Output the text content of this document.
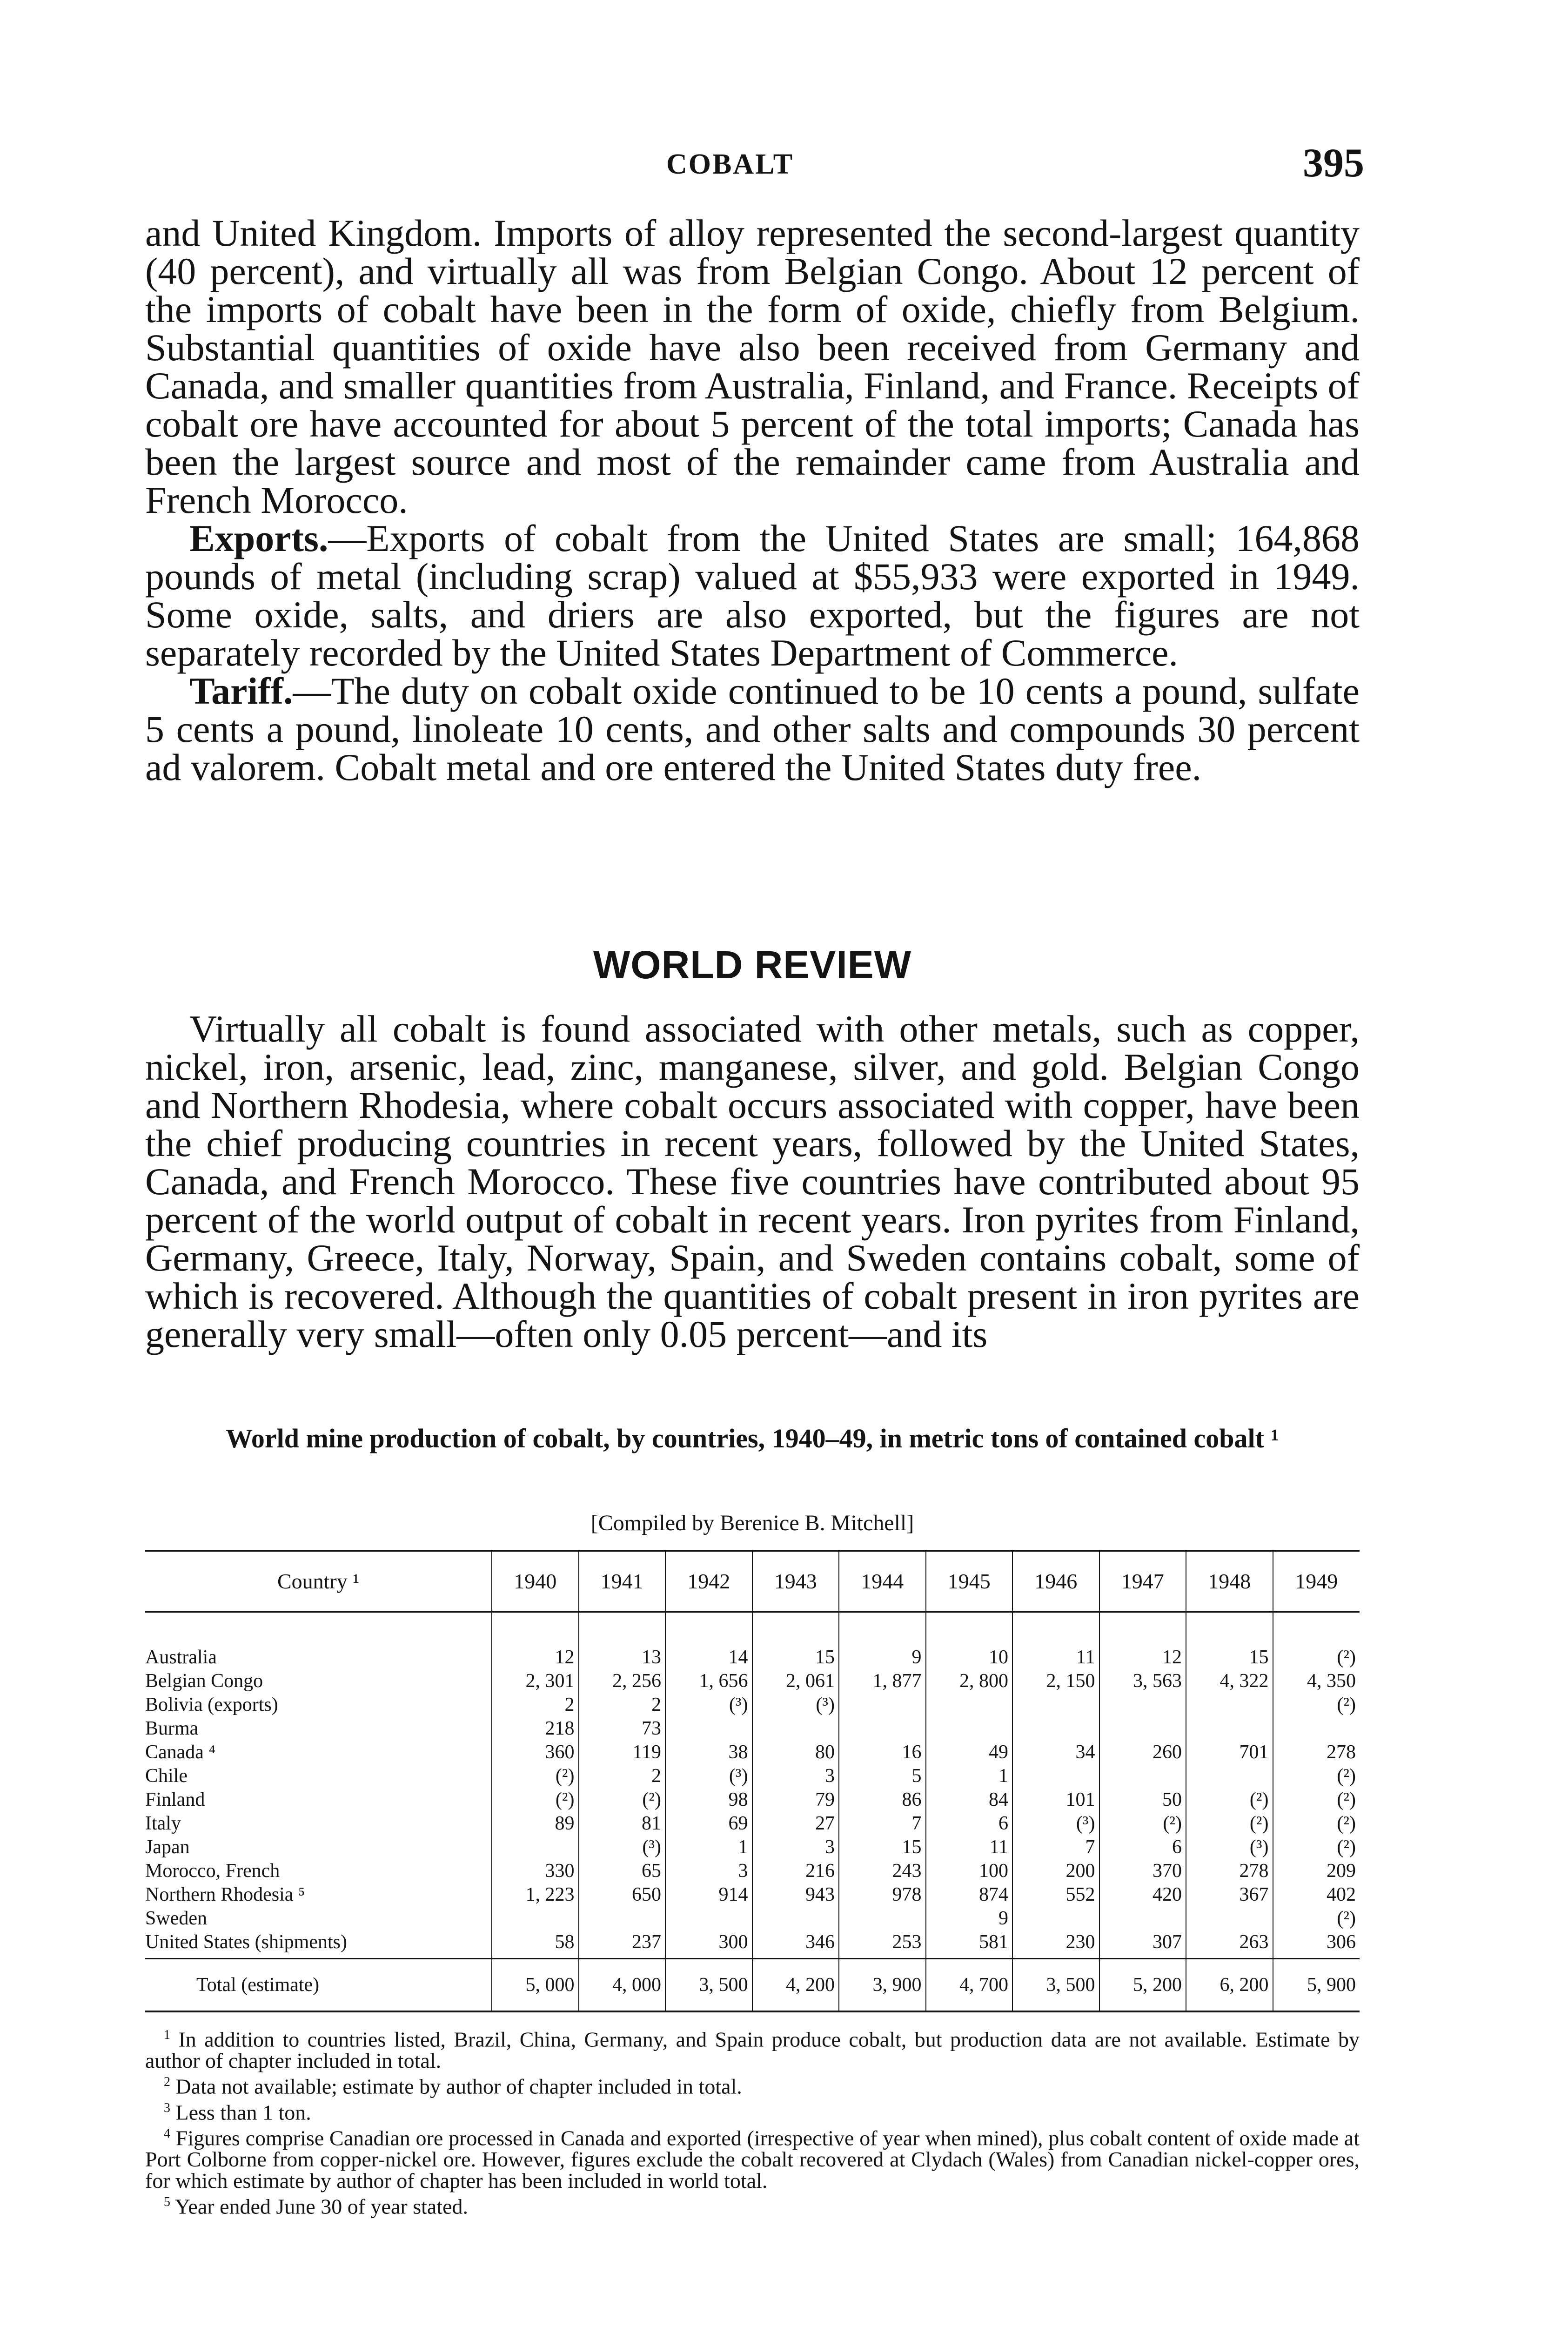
COBALT	395

and United Kingdom. Imports of alloy represented the second-largest quantity (40 percent), and virtually all was from Belgian Congo. About 12 percent of the imports of cobalt have been in the form of oxide, chiefly from Belgium. Substantial quantities of oxide have also been received from Germany and Canada, and smaller quantities from Australia, Finland, and France. Receipts of cobalt ore have accounted for about 5 percent of the total imports; Canada has been the largest source and most of the remainder came from Australia and French Morocco.

Exports.—Exports of cobalt from the United States are small; 164,868 pounds of metal (including scrap) valued at $55,933 were exported in 1949. Some oxide, salts, and driers are also exported, but the figures are not separately recorded by the United States Department of Commerce.

Tariff.—The duty on cobalt oxide continued to be 10 cents a pound, sulfate 5 cents a pound, linoleate 10 cents, and other salts and compounds 30 percent ad valorem. Cobalt metal and ore entered the United States duty free.

WORLD REVIEW

Virtually all cobalt is found associated with other metals, such as copper, nickel, iron, arsenic, lead, zinc, manganese, silver, and gold. Belgian Congo and Northern Rhodesia, where cobalt occurs associated with copper, have been the chief producing countries in recent years, followed by the United States, Canada, and French Morocco. These five countries have contributed about 95 percent of the world output of cobalt in recent years. Iron pyrites from Finland, Germany, Greece, Italy, Norway, Spain, and Sweden contains cobalt, some of which is recovered. Although the quantities of cobalt present in iron pyrites are generally very small—often only 0.05 percent—and its

World mine production of cobalt, by countries, 1940–49, in metric tons of contained cobalt ¹
[Compiled by Berenice B. Mitchell]
Country ¹	1940	1941	1942	1943	1944	1945	1946	1947	1948	1949
Australia	12	13	14	15	9	10	11	12	15	(²)
Belgian Congo	2, 301	2, 256	1, 656	2, 061	1, 877	2, 800	2, 150	3, 563	4, 322	4, 350
Bolivia (exports)	2	2	(³)	(³)						(²)
Burma	218	73								
Canada ⁴	360	119	38	80	16	49	34	260	701	278
Chile	(²)	2	(³)	3	5	1				(²)
Finland	(²)	(²)	98	79	86	84	101	50	(²)	(²)
Italy	89	81	69	27	7	6	(³)	(²)	(²)	(²)
Japan		(³)	1	3	15	11	7	6	(³)	(²)
Morocco, French	330	65	3	216	243	100	200	370	278	209
Northern Rhodesia ⁵	1, 223	650	914	943	978	874	552	420	367	402
Sweden						9				(²)
United States (shipments)	58	237	300	346	253	581	230	307	263	306
Total (estimate)	5, 000	4, 000	3, 500	4, 200	3, 900	4, 700	3, 500	5, 200	6, 200	5, 900

$^1$ In addition to countries listed, Brazil, China, Germany, and Spain produce cobalt, but production data are not available. Estimate by author of chapter included in total.

$^2$ Data not available; estimate by author of chapter included in total.

$^3$ Less than 1 ton.

$^4$ Figures comprise Canadian ore processed in Canada and exported (irrespective of year when mined), plus cobalt content of oxide made at Port Colborne from copper-nickel ore. However, figures exclude the cobalt recovered at Clydach (Wales) from Canadian nickel-copper ores, for which estimate by author of chapter has been included in world total.

$^5$ Year ended June 30 of year stated.
